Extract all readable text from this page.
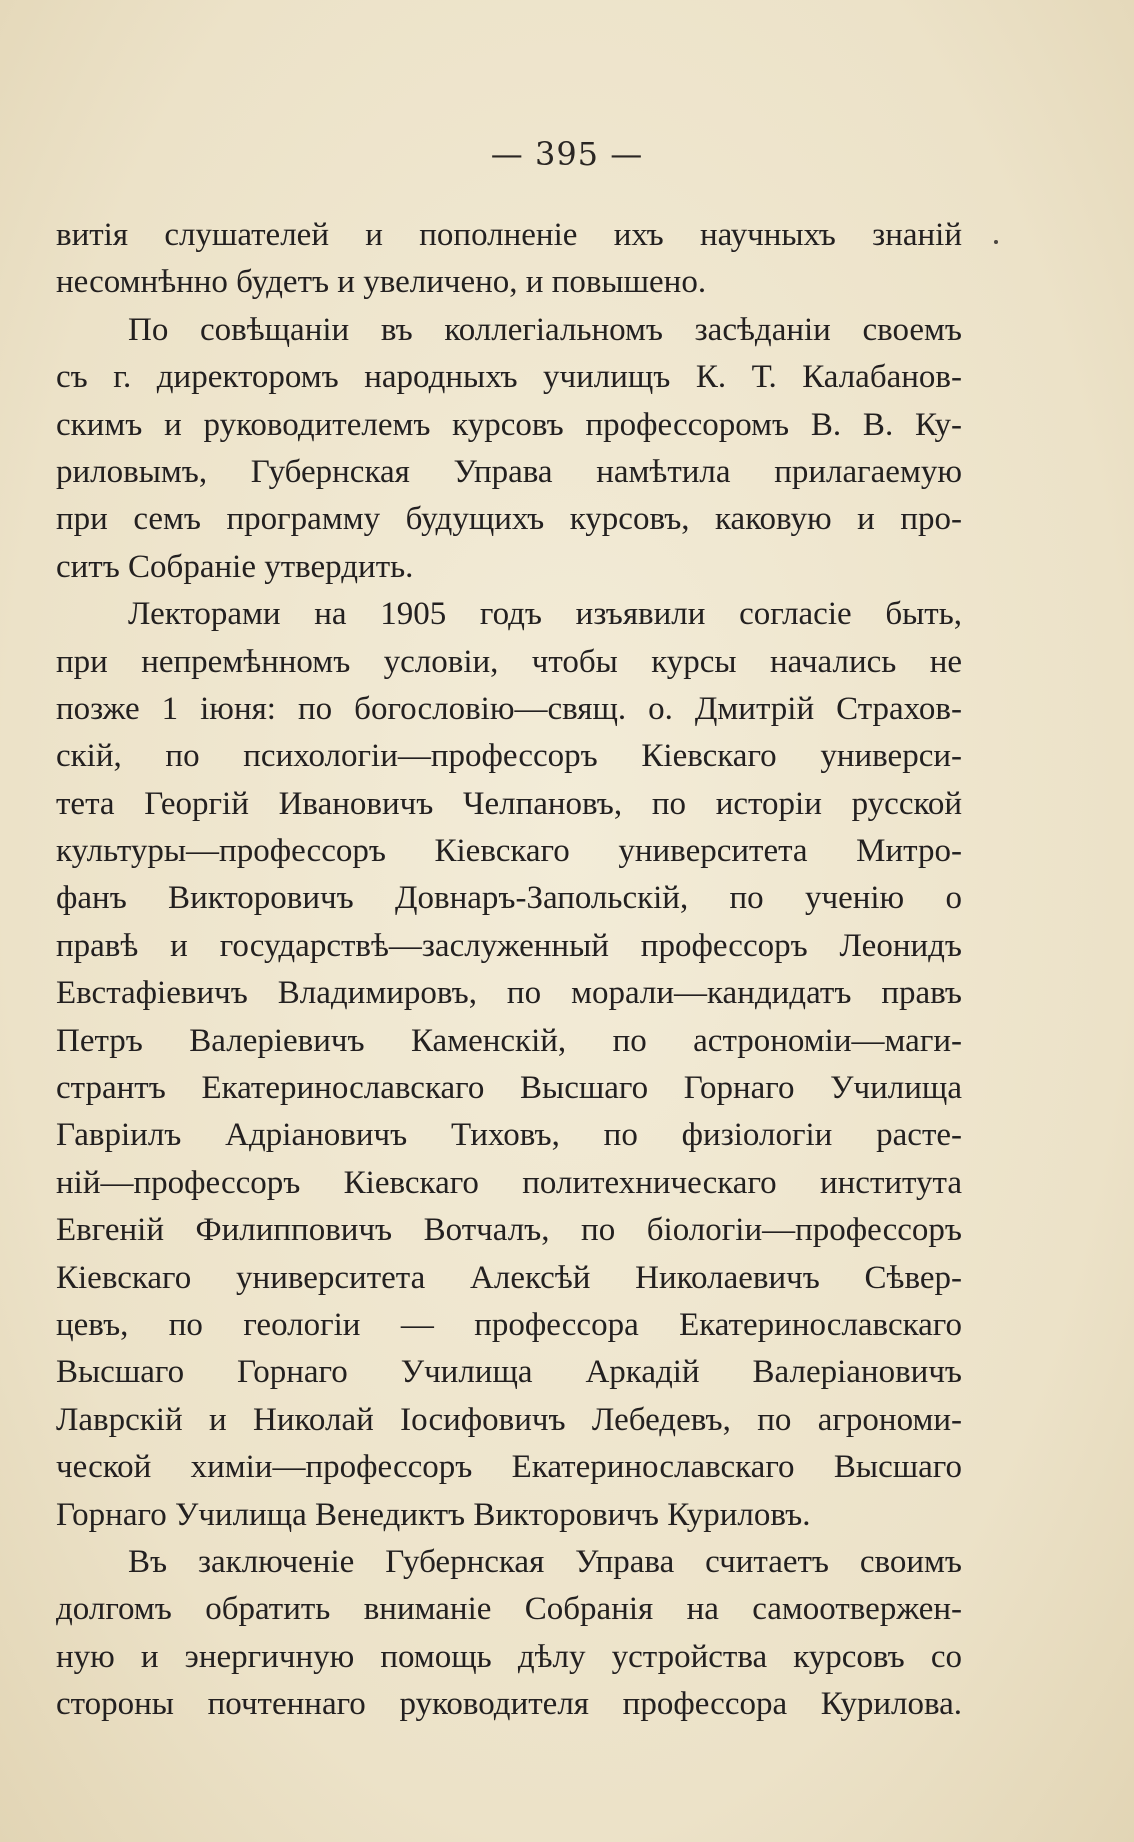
— 395 —
витія слушателей и пополненіе ихъ научныхъ знаній
несомнѣнно будетъ и увеличено, и повышено.
По совѣщаніи въ коллегіальномъ засѣданіи своемъ
съ г. директоромъ народныхъ училищъ К. Т. Калабанов-
скимъ и руководителемъ курсовъ профессоромъ В. В. Ку-
риловымъ, Губернская Управа намѣтила прилагаемую
при семъ программу будущихъ курсовъ, каковую и про-
ситъ Собраніе утвердить.
Лекторами на 1905 годъ изъявили согласіе быть,
при непремѣнномъ условіи, чтобы курсы начались не
позже 1 іюня: по богословію—свящ. о. Дмитрій Страхов-
скій, по психологіи—профессоръ Кіевскаго универси-
тета Георгій Ивановичъ Челпановъ, по исторіи русской
культуры—профессоръ Кіевскаго университета Митро-
фанъ Викторовичъ Довнаръ-Запольскій, по ученію о
правѣ и государствѣ—заслуженный профессоръ Леонидъ
Евстафіевичъ Владимировъ, по морали—кандидатъ правъ
Петръ Валеріевичъ Каменскій, по астрономіи—маги-
странтъ Екатеринославскаго Высшаго Горнаго Училища
Гавріилъ Адріановичъ Тиховъ, по физіологіи расте-
ній—профессоръ Кіевскаго политехническаго института
Евгеній Филипповичъ Вотчалъ, по біологіи—профессоръ
Кіевскаго университета Алексѣй Николаевичъ Сѣвер-
цевъ, по геологіи — профессора Екатеринославскаго
Высшаго Горнаго Училища Аркадій Валеріановичъ
Лаврскій и Николай Іосифовичъ Лебедевъ, по агрономи-
ческой химіи—профессоръ Екатеринославскаго Высшаго
Горнаго Училища Венедиктъ Викторовичъ Куриловъ.
Въ заключеніе Губернская Управа считаетъ своимъ
долгомъ обратить вниманіе Собранія на самоотвержен-
ную и энергичную помощь дѣлу устройства курсовъ со
стороны почтеннаго руководителя профессора Курилова.
